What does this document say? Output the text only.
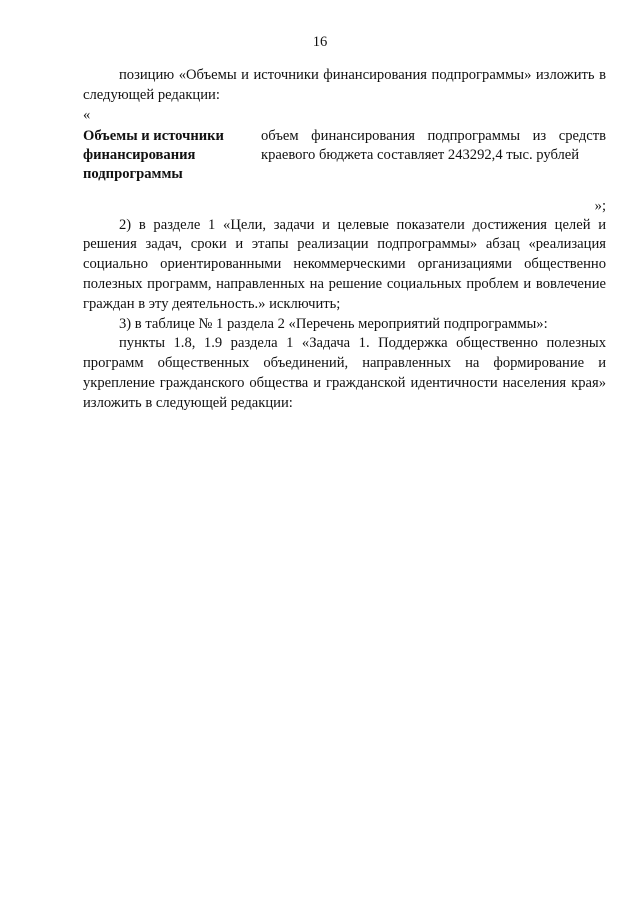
16

позицию «Объемы и источники финансирования подпрограммы» изложить в следующей редакции:

«

Объемы и источники финансирования подпрограммы
объем финансирования подпрограммы из средств краевого бюджета составляет 243292,4 тыс. рублей

»;

2) в разделе 1 «Цели, задачи и целевые показатели достижения целей и решения задач, сроки и этапы реализации подпрограммы» абзац «реализация социально ориентированными некоммерческими организациями общественно полезных программ, направленных на решение социальных проблем и вовлечение граждан в эту деятельность.» исключить;

3) в таблице № 1 раздела 2 «Перечень мероприятий подпрограммы»:

пункты 1.8, 1.9 раздела 1 «Задача 1. Поддержка общественно полезных программ общественных объединений, направленных на формирование и укрепление гражданского общества и гражданской идентичности населения края» изложить в следующей редакции:
